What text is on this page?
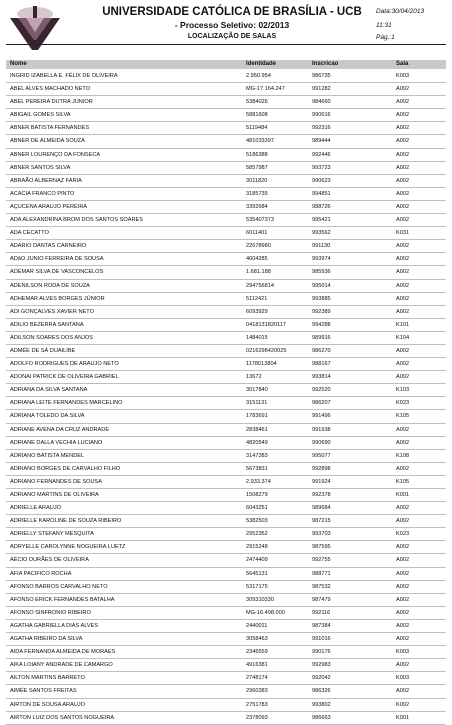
UNIVERSIDADE CATÓLICA DE BRASÍLIA - UCB
- Processo Seletivo: 02/2013
LOCALIZAÇÃO DE SALAS
Data:30/04/2013
11:31
Pág.:1
Nome	Identidade	Inscricao	Sala
INGRID IZABELLA E. FÉLIX DE OLIVEIRA	2.950.954	986735	K003
ABEL ALVES MACHADO NETO	MG-17.164.247	991282	A002
ABEL PEREIRA DUTRA JÚNIOR	5384026	984660	A002
ABIGAIL GOMES SILVA	5881608	990616	A002
ABNER BATISTA FERNANDES	5119484	992316	A002
ABNER DE ALMEIDA SOUZA	481033397	989444	A002
ABNER LOURENÇO DA FONSECA	5186388	992446	A002
ABNER SANTOS SILVA	5857987	993723	A002
ABRAÃO ALBERNAZ FARIA	3011820	990623	A002
ACACIA FRANCO PINTO	3185735	994851	A002
AÇUCENA ARAUJO PEREIRA	3392684	988726	A002
ADA ALEXANDRINA BROM DOS SANTOS SOARES	535407373	995421	A002
ADA CECATTO	6011401	993562	K031
ADARIO DANTAS CARNEIRO	22678980	991130	A002
ADãO JUNIO FERREIRA DE SOUSA	4604285	993974	A002
ADEMAR SILVA DE VASCONCELOS	1.681.188	985936	A002
ADENILSON RODA DE SOUZA	294756814	995014	A002
ADHEMAR ALVES BORGES JÚNIOR	5112421	993885	A002
ADI GONÇALVES XAVIER NETO	6093929	992389	A002
ADILIO BEZERRA SANTANA	0418131820117	994288	K101
ADILSON SOARES DOS ANJOS	1484015	989916	K104
ADMÉE DE SÁ DUAILIBE	0216298420025	986270	A002
ADOLFO RODRIGUES DE ARAUJO NETO	1178013804	988167	A002
ADONAI PATRICK DE OLIVEIRA GABRIEL	13672	993814	A002
ADRIANA DA SILVA SANTANA	3017840	992520	K103
ADRIANA LEITE FERNANDES MARCELINO	3151131	986207	K023
ADRIANA TOLEDO DA SILVA	1783691	991496	K105
ADRIANE AVENA DA CRUZ ANDRADE	2838461	991938	A002
ADRIANE DALLA VECHIA LUCIANO	4820549	990690	A002
ADRIANO BATISTA MENDEL	3147383	995077	K108
ADRIANO BORGES DE CARVALHO FILHO	5673831	992898	A002
ADRIANO FERNANDES DE SOUSA	2.933.374	991924	K105
ADRIANO MARTINS DE OLIVEIRA	1508279	992378	K001
ADRIELLE ARAUJO	6043251	989684	A002
ADRIELLE KAROLINE DE SOUZA RIBEIRO	5382503	987215	A002
ADRIELLY STEFANY MESQUITA	2952352	993703	K023
ADRYELLE CAROLYNNE NOGUEIRA LUETZ	2915248	987595	A002
AÉCIO DURÃES DE OLIVEIRA	2474409	992755	A002
AFIA PACIFICO ROCHA	5645131	988771	A002
AFONSO BARROS CARVALHO NETO	5317175	987532	A002
AFONSO ERICK FERNANDES BATALHA	309310330	987479	A002
AFONSO SINFRONIO RIBEIRO	MG-16.498.000	992116	A002
AGATHA GABRIELLA DIAS ALVES	2440011	987384	A002
AGATHA RIBEIRO DA SILVA	3058463	991016	A002
AIDA FERNANDA ALMEIDA DE MORAES	2346559	990176	K003
AIKA LOIANY ANDRADE DE CAMARGO	4916381	992983	A002
AILTON MARTINS BARRETO	2748174	992042	K003
AIMÉE SANTOS FREITAS	2960383	986326	A002
AIRTON DE SOUSA ARAUJO	2751783	993802	K002
AIRTON LUIZ DOS SANTOS NOGUEIRA	2378093	986663	K001
